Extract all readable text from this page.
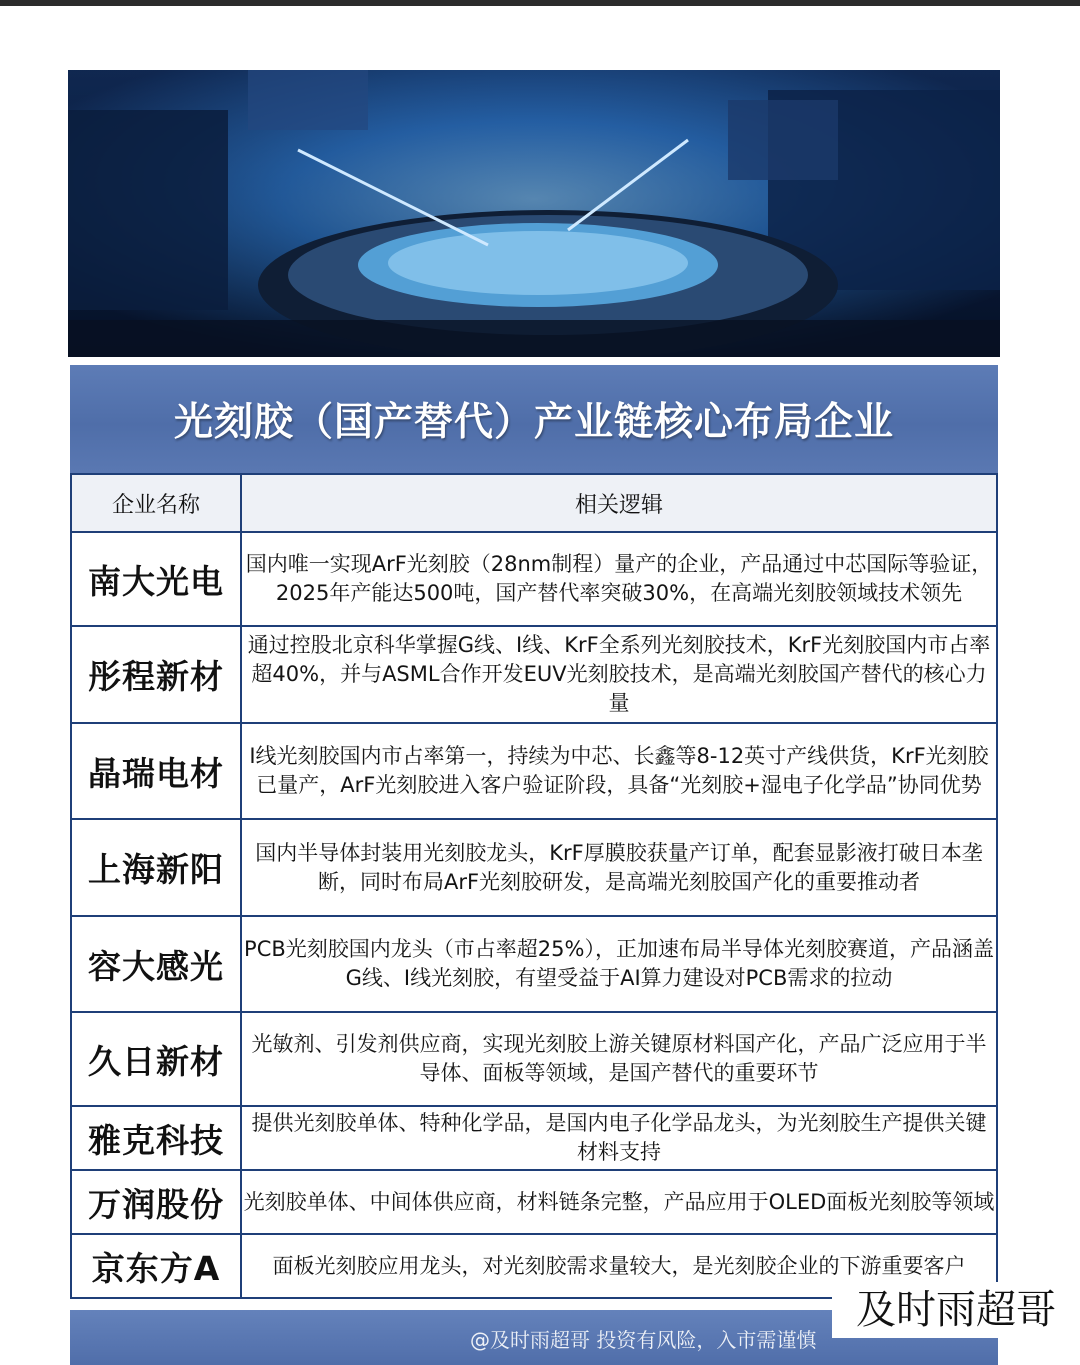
光刻胶（国产替代）产业链核心布局企业
企业名称	相关逻辑
南大光电	国内唯一实现ArF光刻胶（28nm制程）量产的企业，产品通过中芯国际等验证，2025年产能达500吨，国产替代率突破30%，在高端光刻胶领域技术领先
彤程新材	通过控股北京科华掌握G线、I线、KrF全系列光刻胶技术，KrF光刻胶国内市占率超40%，并与ASML合作开发EUV光刻胶技术，是高端光刻胶国产替代的核心力量
晶瑞电材	I线光刻胶国内市占率第一，持续为中芯、长鑫等8-12英寸产线供货，KrF光刻胶已量产，ArF光刻胶进入客户验证阶段，具备“光刻胶+湿电子化学品”协同优势
上海新阳	国内半导体封装用光刻胶龙头，KrF厚膜胶获量产订单，配套显影液打破日本垄断，同时布局ArF光刻胶研发，是高端光刻胶国产化的重要推动者
容大感光	PCB光刻胶国内龙头（市占率超25%），正加速布局半导体光刻胶赛道，产品涵盖G线、I线光刻胶，有望受益于AI算力建设对PCB需求的拉动
久日新材	光敏剂、引发剂供应商，实现光刻胶上游关键原材料国产化，产品广泛应用于半导体、面板等领域，是国产替代的重要环节
雅克科技	提供光刻胶单体、特种化学品，是国内电子化学品龙头，为光刻胶生产提供关键材料支持
万润股份	光刻胶单体、中间体供应商，材料链条完整，产品应用于OLED面板光刻胶等领域
京东方A	面板光刻胶应用龙头，对光刻胶需求量较大，是光刻胶企业的下游重要客户
@及时雨超哥 投资有风险，入市需谨慎
及时雨超哥
